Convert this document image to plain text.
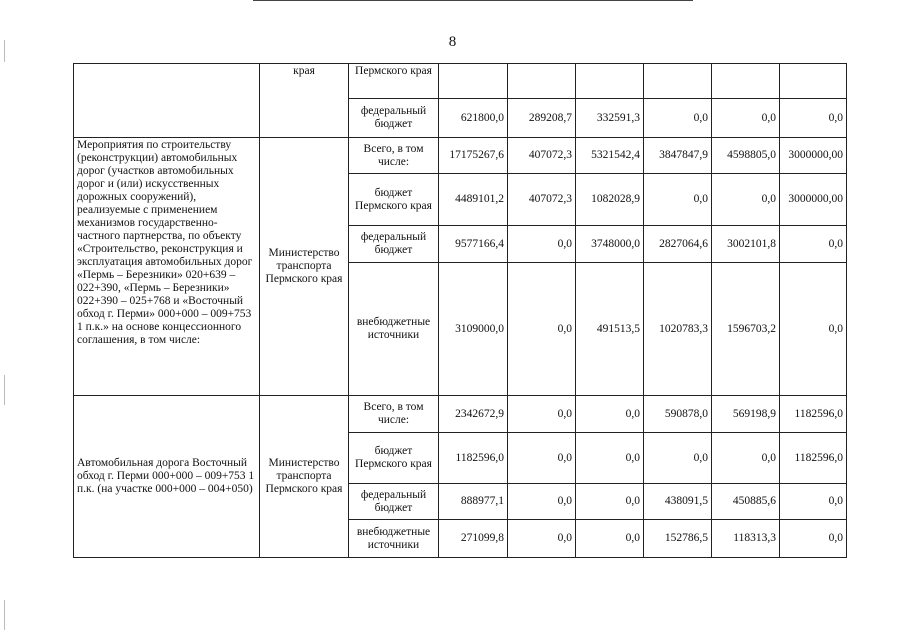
8
	края	Пермского края						
		федеральный бюджет	621800,0	289208,7	332591,3	0,0	0,0	0,0
Мероприятия по строительству (реконструкции) автомобильных дорог (участков автомобильных дорог и (или) искусственных дорожных сооружений), реализуемые с применением механизмов государственно-частного партнерства, по объекту «Строительство, реконструкция и эксплуатация автомобильных дорог «Пермь – Березники» 020+639 – 022+390, «Пермь – Березники» 022+390 – 025+768 и «Восточный обход г. Перми» 000+000 – 009+753 1 п.к.» на основе концессионного соглашения, в том числе:	Министерство транспорта Пермского края	Всего, в том числе:	17175267,6	407072,3	5321542,4	3847847,9	4598805,0	3000000,00
		бюджет Пермского края	4489101,2	407072,3	1082028,9	0,0	0,0	3000000,00
		федеральный бюджет	9577166,4	0,0	3748000,0	2827064,6	3002101,8	0,0
		внебюджетные источники	3109000,0	0,0	491513,5	1020783,3	1596703,2	0,0
Автомобильная дорога Восточный обход г. Перми 000+000 – 009+753 1 п.к. (на участке 000+000 – 004+050)	Министерство транспорта Пермского края	Всего, в том числе:	2342672,9	0,0	0,0	590878,0	569198,9	1182596,0
		бюджет Пермского края	1182596,0	0,0	0,0	0,0	0,0	1182596,0
		федеральный бюджет	888977,1	0,0	0,0	438091,5	450885,6	0,0
		внебюджетные источники	271099,8	0,0	0,0	152786,5	118313,3	0,0
